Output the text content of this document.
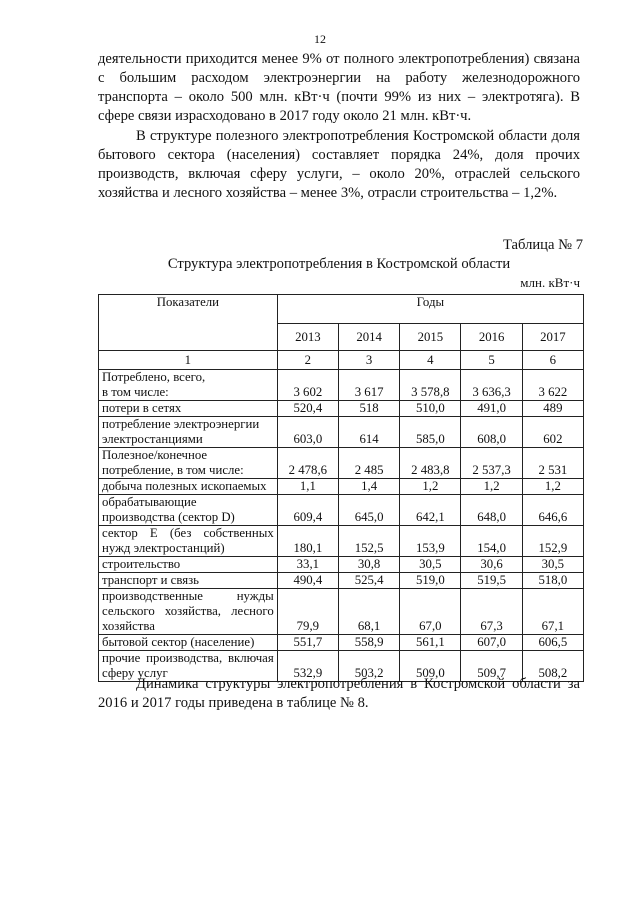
12
деятельности приходится менее 9% от полного электропотребления) связана с большим расходом электроэнергии на работу железнодорожного транспорта – около 500 млн. кВт·ч (почти 99% из них – электротяга). В сфере связи израсходовано в 2017 году около 21 млн. кВт·ч.
В структуре полезного электропотребления Костромской области доля бытового сектора (населения) составляет порядка 24%, доля прочих производств, включая сферу услуги, – около 20%, отраслей сельского хозяйства и лесного хозяйства – менее 3%, отрасли строительства – 1,2%.
Таблица № 7
Структура электропотребления в Костромской области
млн. кВт·ч
Показатели	Годы				
	2013	2014	2015	2016	2017
1	2	3	4	5	6
Потреблено, всего,
в том числе:	3 602	3 617	3 578,8	3 636,3	3 622
потери в сетях	520,4	518	510,0	491,0	489
потребление электроэнергии электростанциями	603,0	614	585,0	608,0	602
Полезное/конечное потребление, в том числе:	2 478,6	2 485	2 483,8	2 537,3	2 531
добыча полезных ископаемых	1,1	1,4	1,2	1,2	1,2
обрабатывающие
производства (сектор D)	609,4	645,0	642,1	648,0	646,6
сектор E (без собственных нужд электростанций)	180,1	152,5	153,9	154,0	152,9
строительство	33,1	30,8	30,5	30,6	30,5
транспорт и связь	490,4	525,4	519,0	519,5	518,0
производственные нужды сельского хозяйства, лесного хозяйства	79,9	68,1	67,0	67,3	67,1
бытовой сектор (население)	551,7	558,9	561,1	607,0	606,5
прочие производства, включая сферу услуг	532,9	503,2	509,0	509,7	508,2
Динамика структуры электропотребления в Костромской области за 2016 и 2017 годы приведена в таблице № 8.
